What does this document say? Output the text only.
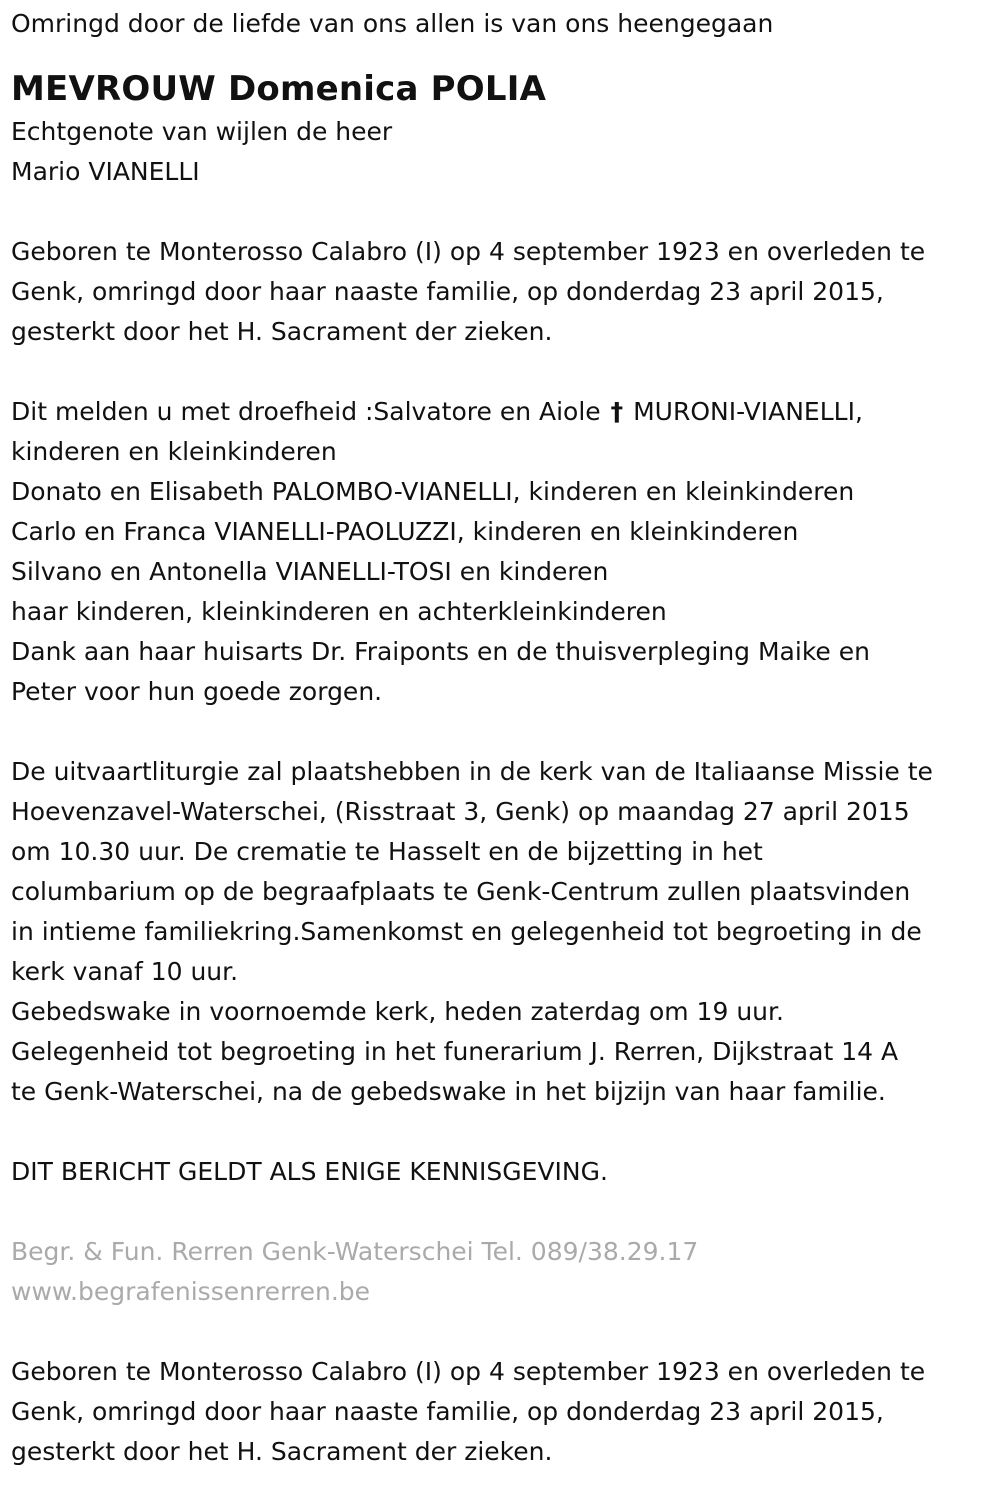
Omringd door de liefde van ons allen is van ons heengegaan
MEVROUW Domenica POLIA
Echtgenote van wijlen de heer
Mario VIANELLI
Geboren te Monterosso Calabro (I) op 4 september 1923 en overleden te
Genk, omringd door haar naaste familie, op donderdag 23 april 2015,
gesterkt door het H. Sacrament der zieken.
Dit melden u met droefheid :Salvatore en Aiole † MURONI-VIANELLI,
kinderen en kleinkinderen
Donato en Elisabeth PALOMBO-VIANELLI, kinderen en kleinkinderen
Carlo en Franca VIANELLI-PAOLUZZI, kinderen en kleinkinderen
Silvano en Antonella VIANELLI-TOSI en kinderen
haar kinderen, kleinkinderen en achterkleinkinderen
Dank aan haar huisarts Dr. Fraiponts en de thuisverpleging Maike en
Peter voor hun goede zorgen.
De uitvaartliturgie zal plaatshebben in de kerk van de Italiaanse Missie te
Hoevenzavel-Waterschei, (Risstraat 3, Genk) op maandag 27 april 2015
om 10.30 uur. De crematie te Hasselt en de bijzetting in het
columbarium op de begraafplaats te Genk-Centrum zullen plaatsvinden
in intieme familiekring.Samenkomst en gelegenheid tot begroeting in de
kerk vanaf 10 uur.
Gebedswake in voornoemde kerk, heden zaterdag om 19 uur.
Gelegenheid tot begroeting in het funerarium J. Rerren, Dijkstraat 14 A
te Genk-Waterschei, na de gebedswake in het bijzijn van haar familie.
DIT BERICHT GELDT ALS ENIGE KENNISGEVING.
Begr. & Fun. Rerren Genk-Waterschei Tel. 089/38.29.17
www.begrafenissenrerren.be
Geboren te Monterosso Calabro (I) op 4 september 1923 en overleden te
Genk, omringd door haar naaste familie, op donderdag 23 april 2015,
gesterkt door het H. Sacrament der zieken.
